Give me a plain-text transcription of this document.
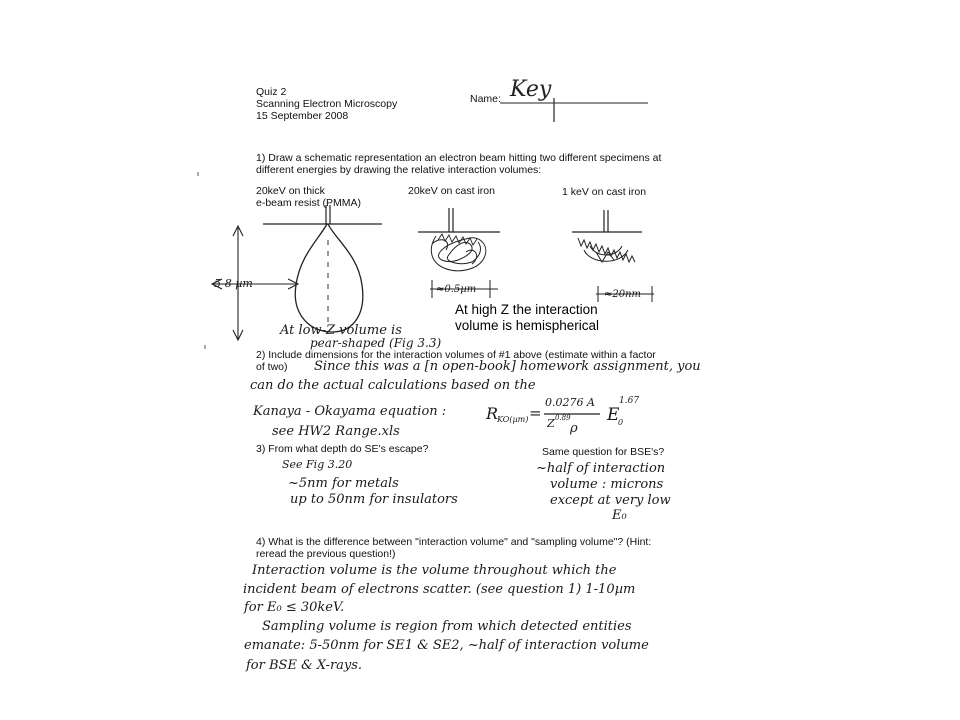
Quiz 2
Scanning Electron Microscopy
15 September 2008
Name: Key
1) Draw a schematic representation an electron beam hitting two different specimens at
different energies by drawing the relative interaction volumes:
20keV on thick
e-beam resist (PMMA)
20keV on cast iron	1 keV on cast iron
5-8 µm	≈0.5µm	≈20nm
At high Z the interaction
volume is hemispherical
At low-Z volume is
pear-shaped (Fig 3.3)
2) Include dimensions for the interaction volumes of #1 above (estimate within a factor
of two) Since this was a [n open-book] homework assignment, you
can do the actual calculations based on the
Kanaya - Okayama equation : R
KO(µm) =
0.0276 A
Z 0.89
ρ
E
0
1.67
see HW2 Range.xls
3) From what depth do SE's escape?	Same question for BSE's?
See Fig 3.20
~5nm for metals
up to 50nm for insulators
~half of interaction
volume : microns
except at very low
E₀
4) What is the difference between "interaction volume" and "sampling volume"? (Hint:
reread the previous question!)
Interaction volume is the volume throughout which the
incident beam of electrons scatter. (see question 1) 1-10µm
for E₀ ≤ 30keV.
Sampling volume is region from which detected entities
emanate: 5-50nm for SE1 & SE2, ~half of interaction volume
for BSE & X-rays.
